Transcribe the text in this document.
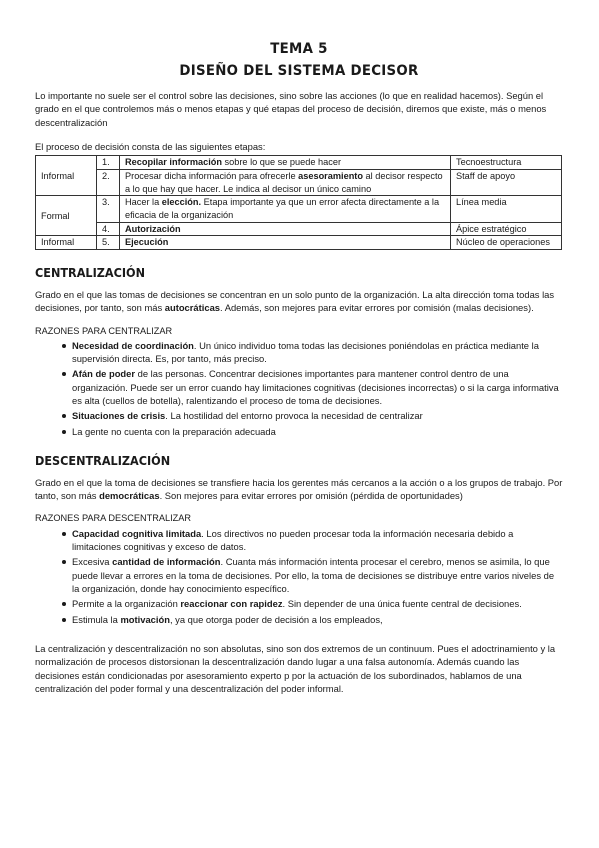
TEMA 5
DISEÑO DEL SISTEMA DECISOR

Lo importante no suele ser el control sobre las decisiones, sino sobre las acciones (lo que en realidad hacemos). Según el grado en el que controlemos más o menos etapas y qué etapas del proceso de decisión, diremos que existe, más o menos descentralización

El proceso de decisión consta de las siguientes etapas:

Informal	1.	Recopilar información sobre lo que se puede hacer	Tecnoestructura
	2.	Procesar dicha información para ofrecerle asesoramiento al decisor respecto a lo que hay que hacer. Le indica al decisor un único camino	Staff de apoyo
Formal	3.	Hacer la elección. Etapa importante ya que un error afecta directamente a la eficacia de la organización	Línea media
	4.	Autorización	Ápice estratégico
Informal	5.	Ejecución	Núcleo de operaciones
CENTRALIZACIÓN

Grado en el que las tomas de decisiones se concentran en un solo punto de la organización. La alta dirección toma todas las decisiones, por tanto, son más autocráticas. Además, son mejores para evitar errores por comisión (malas decisiones).

RAZONES PARA CENTRALIZAR

Necesidad de coordinación. Un único individuo toma todas las decisiones poniéndolas en práctica mediante la supervisión directa. Es, por tanto, más preciso.
Afán de poder de las personas. Concentrar decisiones importantes para mantener control dentro de una organización. Puede ser un error cuando hay limitaciones cognitivas (decisiones incorrectas) o si la carga informativa es alta (cuellos de botella), ralentizando el proceso de toma de decisiones.
Situaciones de crisis. La hostilidad del entorno provoca la necesidad de centralizar
La gente no cuenta con la preparación adecuada
DESCENTRALIZACIÓN

Grado en el que la toma de decisiones se transfiere hacia los gerentes más cercanos a la acción o a los grupos de trabajo. Por tanto, son más democráticas. Son mejores para evitar errores por omisión (pérdida de oportunidades)

RAZONES PARA DESCENTRALIZAR

Capacidad cognitiva limitada. Los directivos no pueden procesar toda la información necesaria debido a limitaciones cognitivas y exceso de datos.
Excesiva cantidad de información. Cuanta más información intenta procesar el cerebro, menos se asimila, lo que puede llevar a errores en la toma de decisiones. Por ello, la toma de decisiones se distribuye entre varios niveles de la organización, donde hay conocimiento específico.
Permite a la organización reaccionar con rapidez. Sin depender de una única fuente central de decisiones.
Estimula la motivación, ya que otorga poder de decisión a los empleados,

La centralización y descentralización no son absolutas, sino son dos extremos de un continuum. Pues el adoctrinamiento y la normalización de procesos distorsionan la descentralización dando lugar a una falsa autonomía. Además cuando las decisiones están condicionadas por asesoramiento experto p por la actuación de los subordinados, hablamos de una centralización del poder formal y una descentralización del poder informal.
